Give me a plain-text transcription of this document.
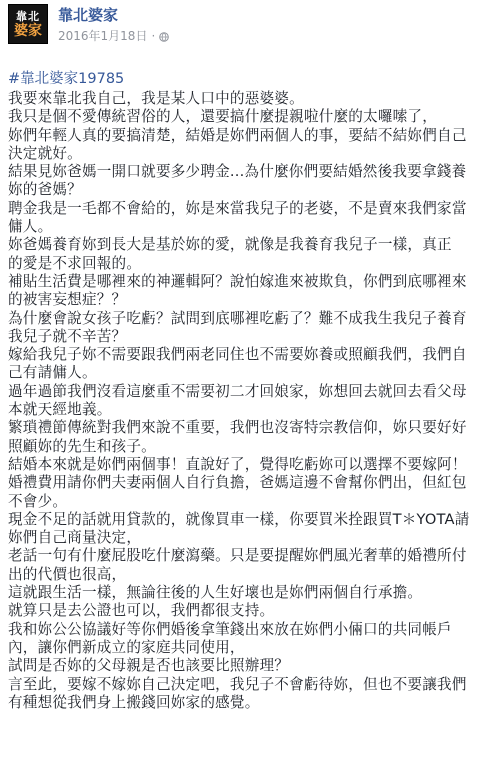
靠北
婆家
靠北婆家
2016年1月18日 ·
#靠北婆家19785

我要來靠北我自己，我是某人口中的惡婆婆。

我只是個不愛傳統習俗的人，還要搞什麼提親啦什麼的太囉嗦了，
妳們年輕人真的要搞清楚，結婚是妳們兩個人的事，要結不結妳們自己
決定就好。

結果見妳爸媽一開口就要多少聘金...為什麼你們要結婚然後我要拿錢養
妳的爸媽？

聘金我是一毛都不會給的，妳是來當我兒子的老婆，不是賣來我們家當
傭人。

妳爸媽養育妳到長大是基於妳的愛，就像是我養育我兒子一樣，真正
的愛是不求回報的。

補貼生活費是哪裡來的神邏輯阿？說怕嫁進來被欺負，你們到底哪裡來
的被害妄想症？？

為什麼會說女孩子吃虧？試問到底哪裡吃虧了？難不成我生我兒子養育
我兒子就不辛苦？

嫁給我兒子妳不需要跟我們兩老同住也不需要妳養或照顧我們，我們自
己有請傭人。

過年過節我們沒看這麼重不需要初二才回娘家，妳想回去就回去看父母
本就天經地義。

繁瑣禮節傳統對我們來說不重要，我們也沒寄特宗教信仰，妳只要好好
照顧妳的先生和孩子。

結婚本來就是妳們兩個事！直說好了，覺得吃虧妳可以選擇不要嫁阿！
婚禮費用請你們夫妻兩個人自行負擔，爸媽這邊不會幫你們出，但紅包
不會少。

現金不足的話就用貸款的，就像買車一樣，你要買米拴跟買T＊YOTA請
妳們自己商量決定，

老話一句有什麼屁股吃什麼瀉藥。只是要提醒妳們風光奢華的婚禮所付
出的代價也很高，
這就跟生活一樣，無論往後的人生好壞也是妳們兩個自行承擔。

就算只是去公證也可以，我們都很支持。

我和妳公公協議好等你們婚後拿筆錢出來放在妳們小倆口的共同帳戶
內，讓你們新成立的家庭共同使用，
試問是否妳的父母親是否也該要比照辦理？

言至此，要嫁不嫁妳自己決定吧，我兒子不會虧待妳，但也不要讓我們
有種想從我們身上搬錢回妳家的感覺。
